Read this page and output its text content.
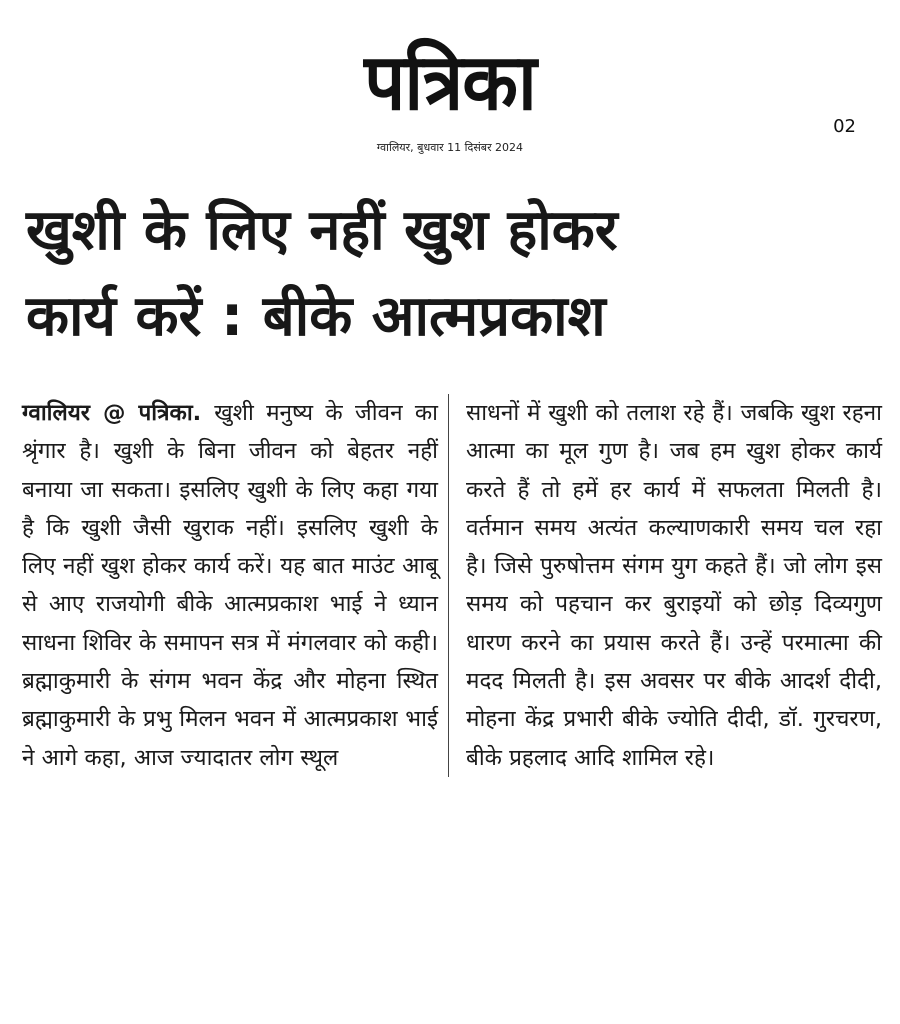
पत्रिका
ग्वालियर, बुधवार 11 दिसंबर 2024
02
खुशी के लिए नहीं खुश होकर
कार्य करें : बीके आत्मप्रकाश
ग्वालियर @ पत्रिका. खुशी मनुष्य के जीवन का श्रृंगार है। खुशी के बिना जीवन को बेहतर नहीं बनाया जा सकता। इसलिए खुशी के लिए कहा गया है कि खुशी जैसी खुराक नहीं। इसलिए खुशी के लिए नहीं खुश होकर कार्य करें। यह बात माउंट आबू से आए राजयोगी बीके आत्मप्रकाश भाई ने ध्यान साधना शिविर के समापन सत्र में मंगलवार को कही। ब्रह्माकुमारी के संगम भवन केंद्र और मोहना स्थित ब्रह्माकुमारी के प्रभु मिलन भवन में आत्मप्रकाश भाई ने आगे कहा, आज ज्यादातर लोग स्थूल
साधनों में खुशी को तलाश रहे हैं। जबकि खुश रहना आत्मा का मूल गुण है। जब हम खुश होकर कार्य करते हैं तो हमें हर कार्य में सफलता मिलती है। वर्तमान समय अत्यंत कल्याणकारी समय चल रहा है। जिसे पुरुषोत्तम संगम युग कहते हैं। जो लोग इस समय को पहचान कर बुराइयों को छोड़ दिव्यगुण धारण करने का प्रयास करते हैं। उन्हें परमात्मा की मदद मिलती है। इस अवसर पर बीके आदर्श दीदी, मोहना केंद्र प्रभारी बीके ज्योति दीदी, डॉ. गुरचरण, बीके प्रहलाद आदि शामिल रहे।
